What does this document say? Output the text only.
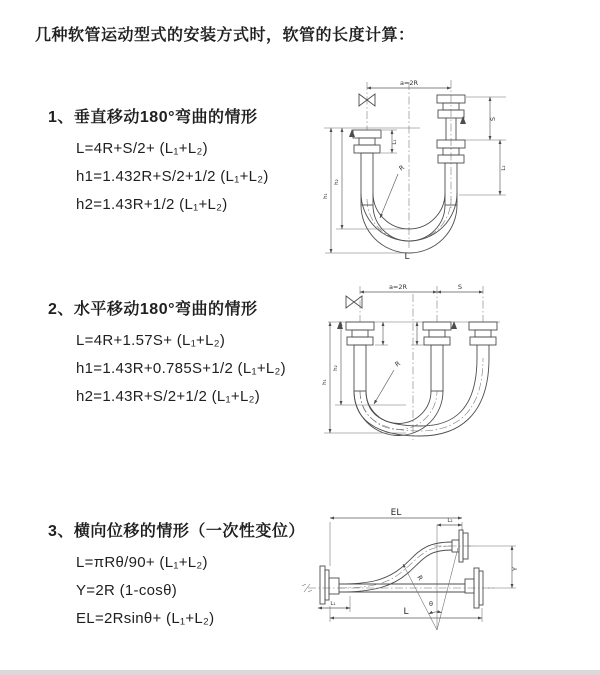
几种软管运动型式的安装方式时，软管的长度计算：
1、垂直移动180°弯曲的情形
L=4R+S/2+ (L₁+L₂)
h1=1.432R+S/2+1/2 (L₁+L₂)
h2=1.43R+1/2 (L₁+L₂)
2、水平移动180°弯曲的情形
L=4R+1.57S+ (L₁+L₂)
h1=1.43R+0.785S+1/2 (L₁+L₂)
h2=1.43R+S/2+1/2 (L₁+L₂)
3、横向位移的情形（一次性变位）
L=πRθ/90+ (L₁+L₂)
Y=2R (1-cosθ)
EL=2Rsinθ+ (L₁+L₂)
a=2R
h₁
h₂
L₁
S
L₂
R
L
a=2R	S
h₁
h₂	R
EL
L₂
Y
R
θ
L
L₁
